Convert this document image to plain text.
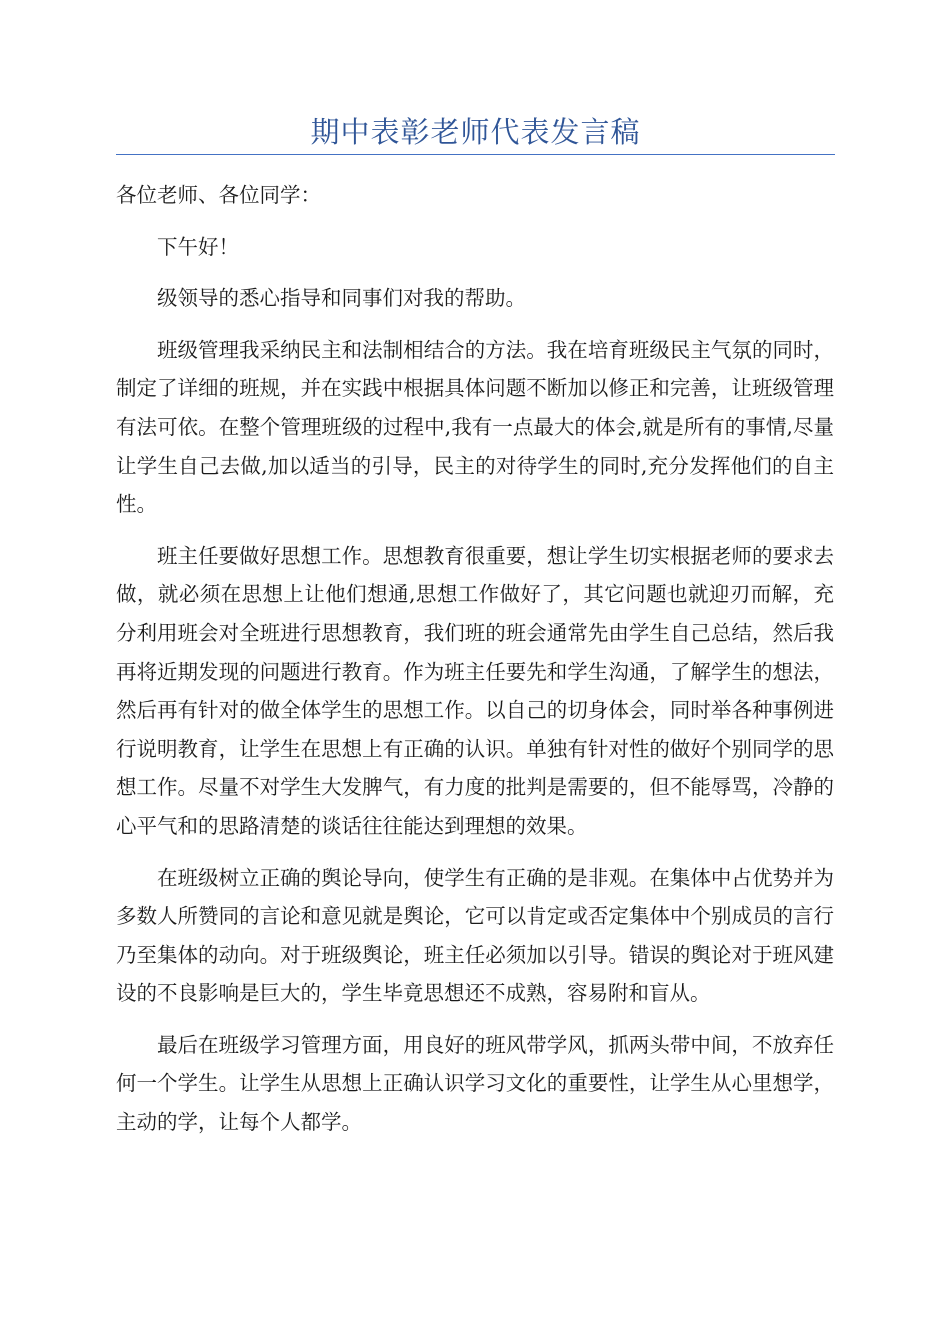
期中表彰老师代表发言稿

各位老师、各位同学：

下午好！

级领导的悉心指导和同事们对我的帮助。

班级管理我采纳民主和法制相结合的方法。我在培育班级民主气氛的同时，制定了详细的班规，并在实践中根据具体问题不断加以修正和完善，让班级管理有法可依。在整个管理班级的过程中,我有一点最大的体会,就是所有的事情,尽量让学生自己去做,加以适当的引导，民主的对待学生的同时,充分发挥他们的自主性。

班主任要做好思想工作。思想教育很重要，想让学生切实根据老师的要求去做，就必须在思想上让他们想通,思想工作做好了，其它问题也就迎刃而解，充分利用班会对全班进行思想教育，我们班的班会通常先由学生自己总结，然后我再将近期发现的问题进行教育。作为班主任要先和学生沟通，了解学生的想法，然后再有针对的做全体学生的思想工作。以自己的切身体会，同时举各种事例进行说明教育，让学生在思想上有正确的认识。单独有针对性的做好个别同学的思想工作。尽量不对学生大发脾气，有力度的批判是需要的，但不能辱骂，冷静的心平气和的思路清楚的谈话往往能达到理想的效果。

在班级树立正确的舆论导向，使学生有正确的是非观。在集体中占优势并为多数人所赞同的言论和意见就是舆论，它可以肯定或否定集体中个别成员的言行乃至集体的动向。对于班级舆论，班主任必须加以引导。错误的舆论对于班风建设的不良影响是巨大的，学生毕竟思想还不成熟，容易附和盲从。

最后在班级学习管理方面，用良好的班风带学风，抓两头带中间，不放弃任何一个学生。让学生从思想上正确认识学习文化的重要性，让学生从心里想学，主动的学，让每个人都学。
